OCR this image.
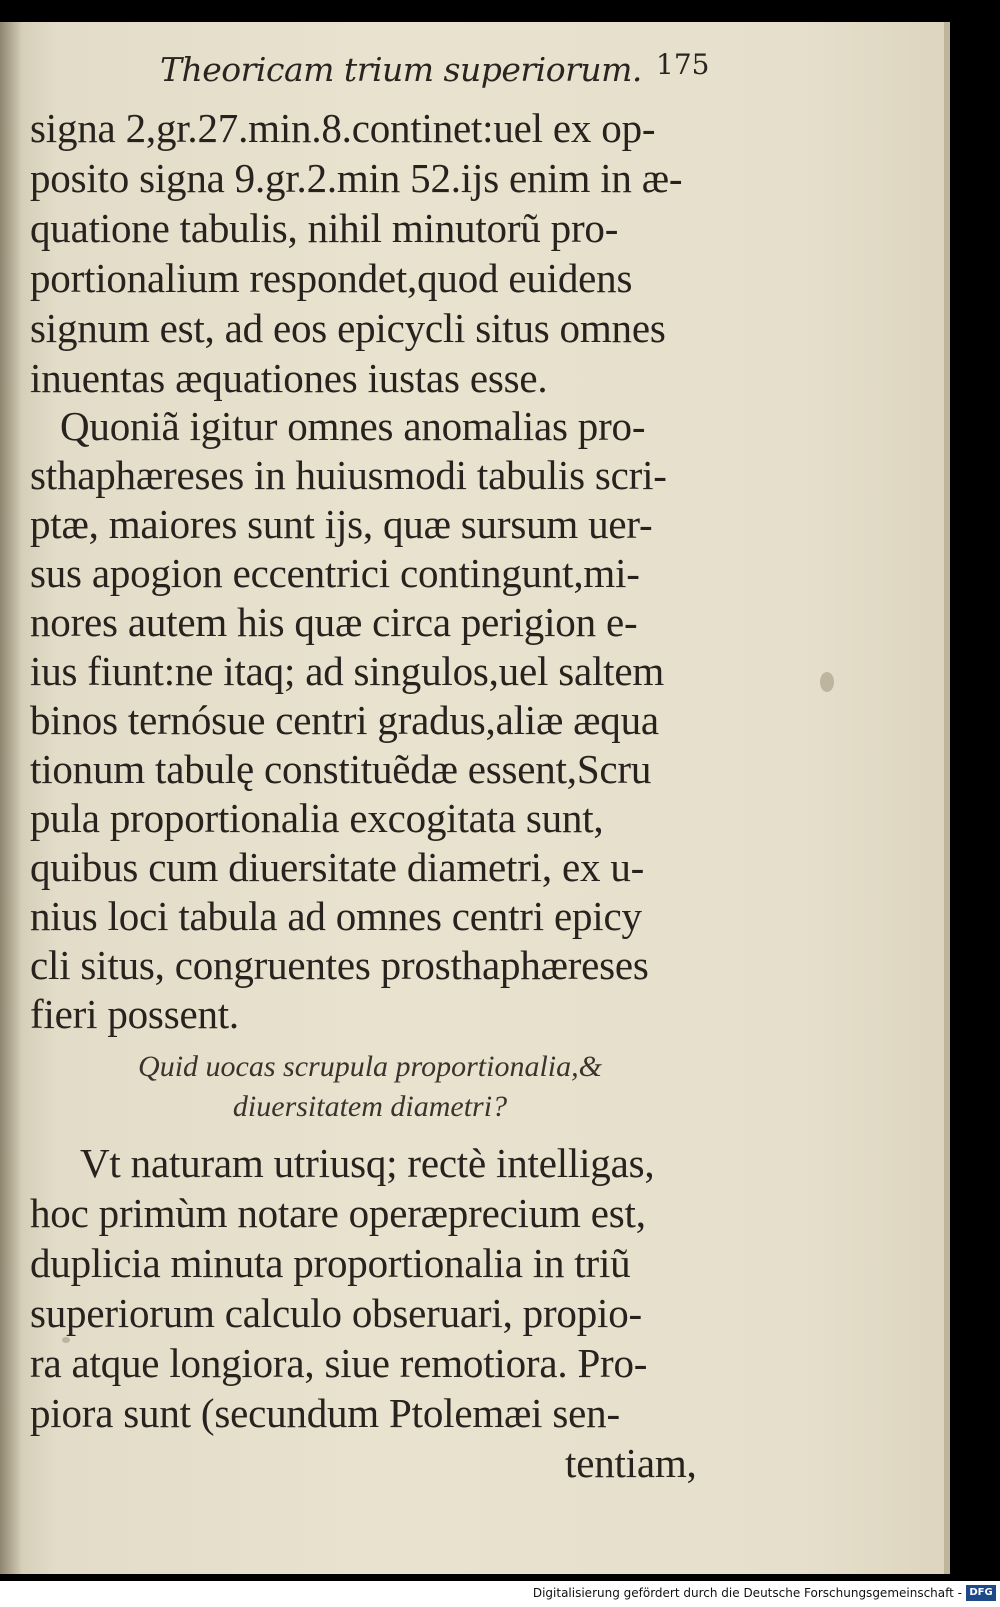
Theoricam trium superiorum. 175
signa 2,gr.27.min.8.continet:uel ex op-
posito signa 9.gr.2.min 52.ijs enim in æ-
quatione tabulis, nihil minutorũ pro-
portionalium respondet,quod euidens
signum est, ad eos epicycli situs omnes
inuentas æquationes iustas esse.
Quoniã igitur omnes anomalias pro-
sthaphæreses in huiusmodi tabulis scri-
ptæ, maiores sunt ijs, quæ sursum uer-
sus apogion eccentrici contingunt,mi-
nores autem his quæ circa perigion e-
ius fiunt:ne itaq; ad singulos,uel saltem
binos ternósue centri gradus,aliæ æqua
tionum tabulę constituẽdæ essent,Scru
pula proportionalia excogitata sunt,
quibus cum diuersitate diametri, ex u-
nius loci tabula ad omnes centri epicy
cli situs, congruentes prosthaphæreses
fieri possent.
Quid uocas scrupula proportionalia,&
diuersitatem diametri?
Vt naturam utriusq; rectè intelligas,
hoc primùm notare operæprecium est,
duplicia minuta proportionalia in triũ
superiorum calculo obseruari, propio-
ra atque longiora, siue remotiora. Pro-
piora sunt (secundum Ptolemæi sen-
tentiam,
Digitalisierung gefördert durch die Deutsche Forschungsgemeinschaft - DFG
